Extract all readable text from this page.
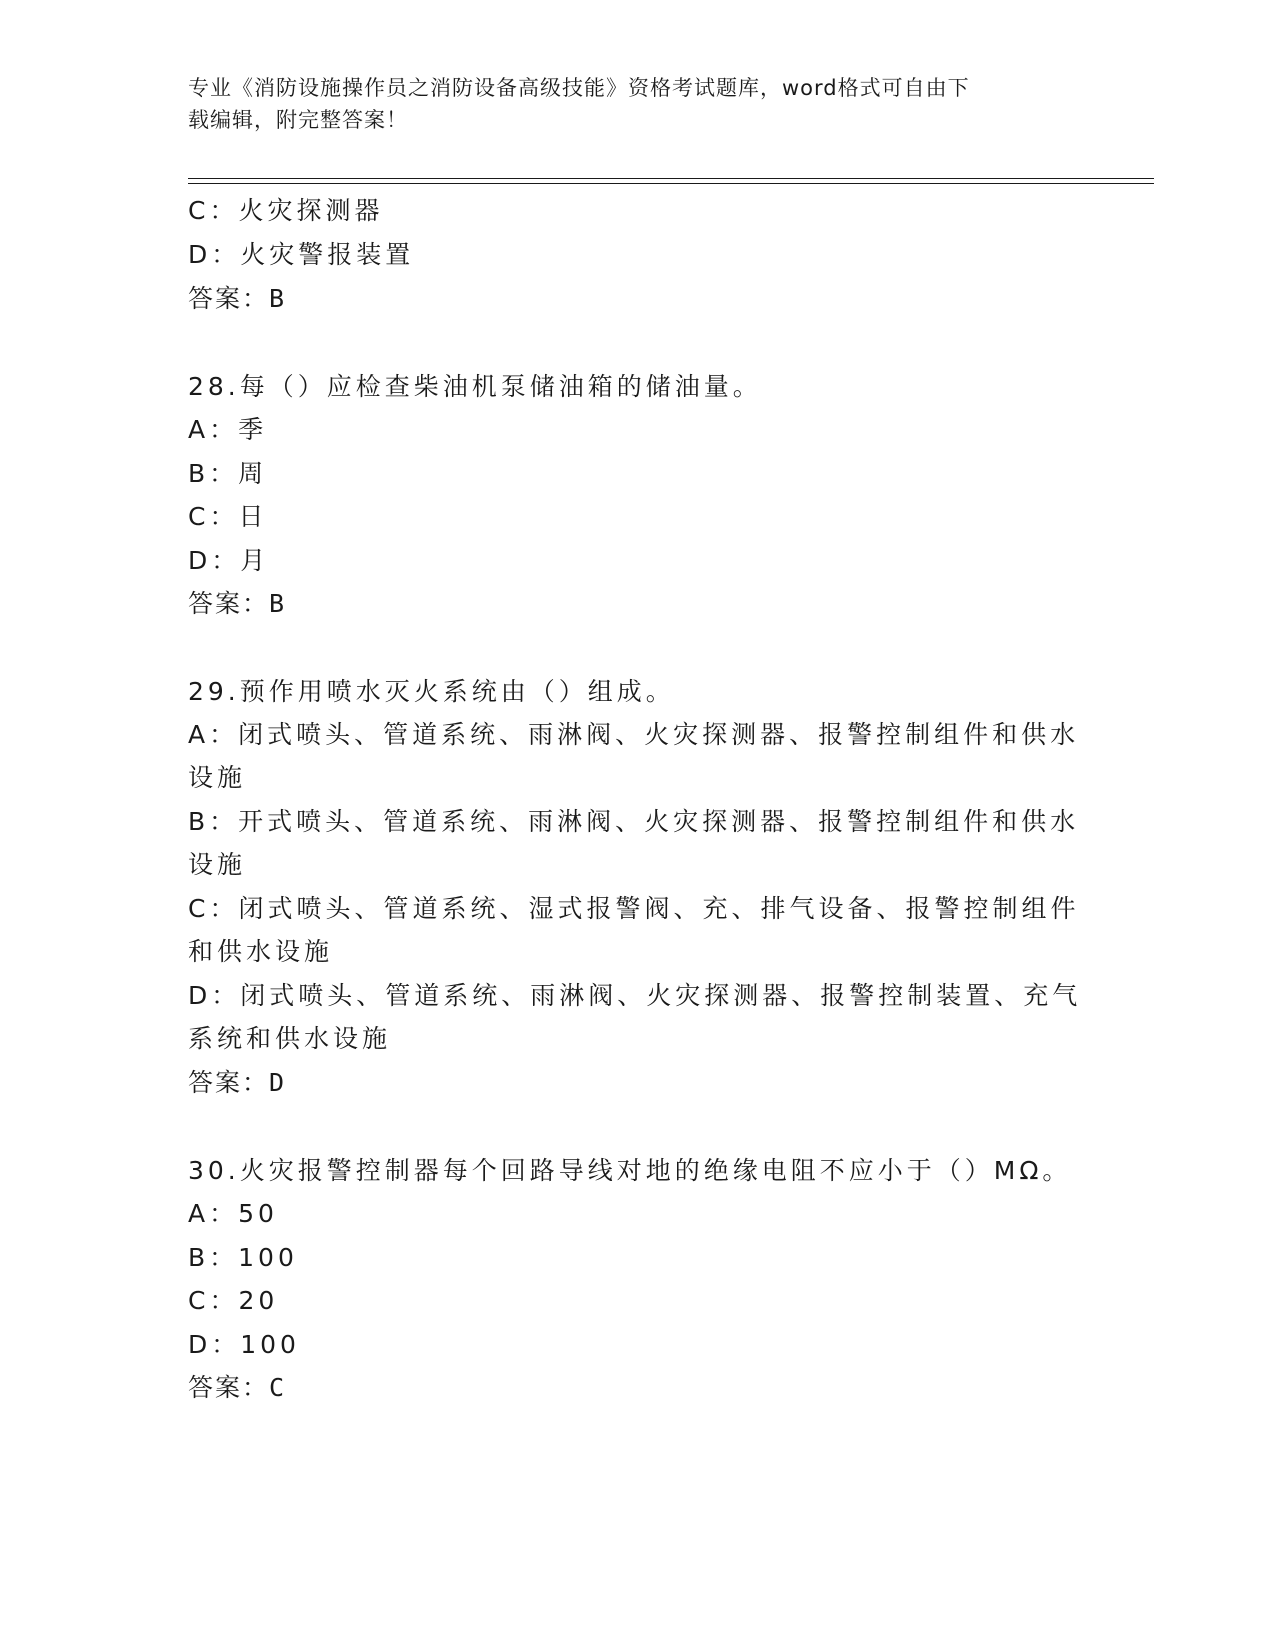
专业《消防设施操作员之消防设备高级技能》资格考试题库，word格式可自由下
载编辑，附完整答案！
C：火灾探测器
D：火灾警报装置
答案：B
28.每（）应检查柴油机泵储油箱的储油量。
A：季
B：周
C：日
D：月
答案：B
29.预作用喷水灭火系统由（）组成。
A：闭式喷头、管道系统、雨淋阀、火灾探测器、报警控制组件和供水
设施
B：开式喷头、管道系统、雨淋阀、火灾探测器、报警控制组件和供水
设施
C：闭式喷头、管道系统、湿式报警阀、充、排气设备、报警控制组件
和供水设施
D：闭式喷头、管道系统、雨淋阀、火灾探测器、报警控制装置、充气
系统和供水设施
答案：D
30.火灾报警控制器每个回路导线对地的绝缘电阻不应小于（）MΩ。
A：50
B：100
C：20
D：100
答案：C
